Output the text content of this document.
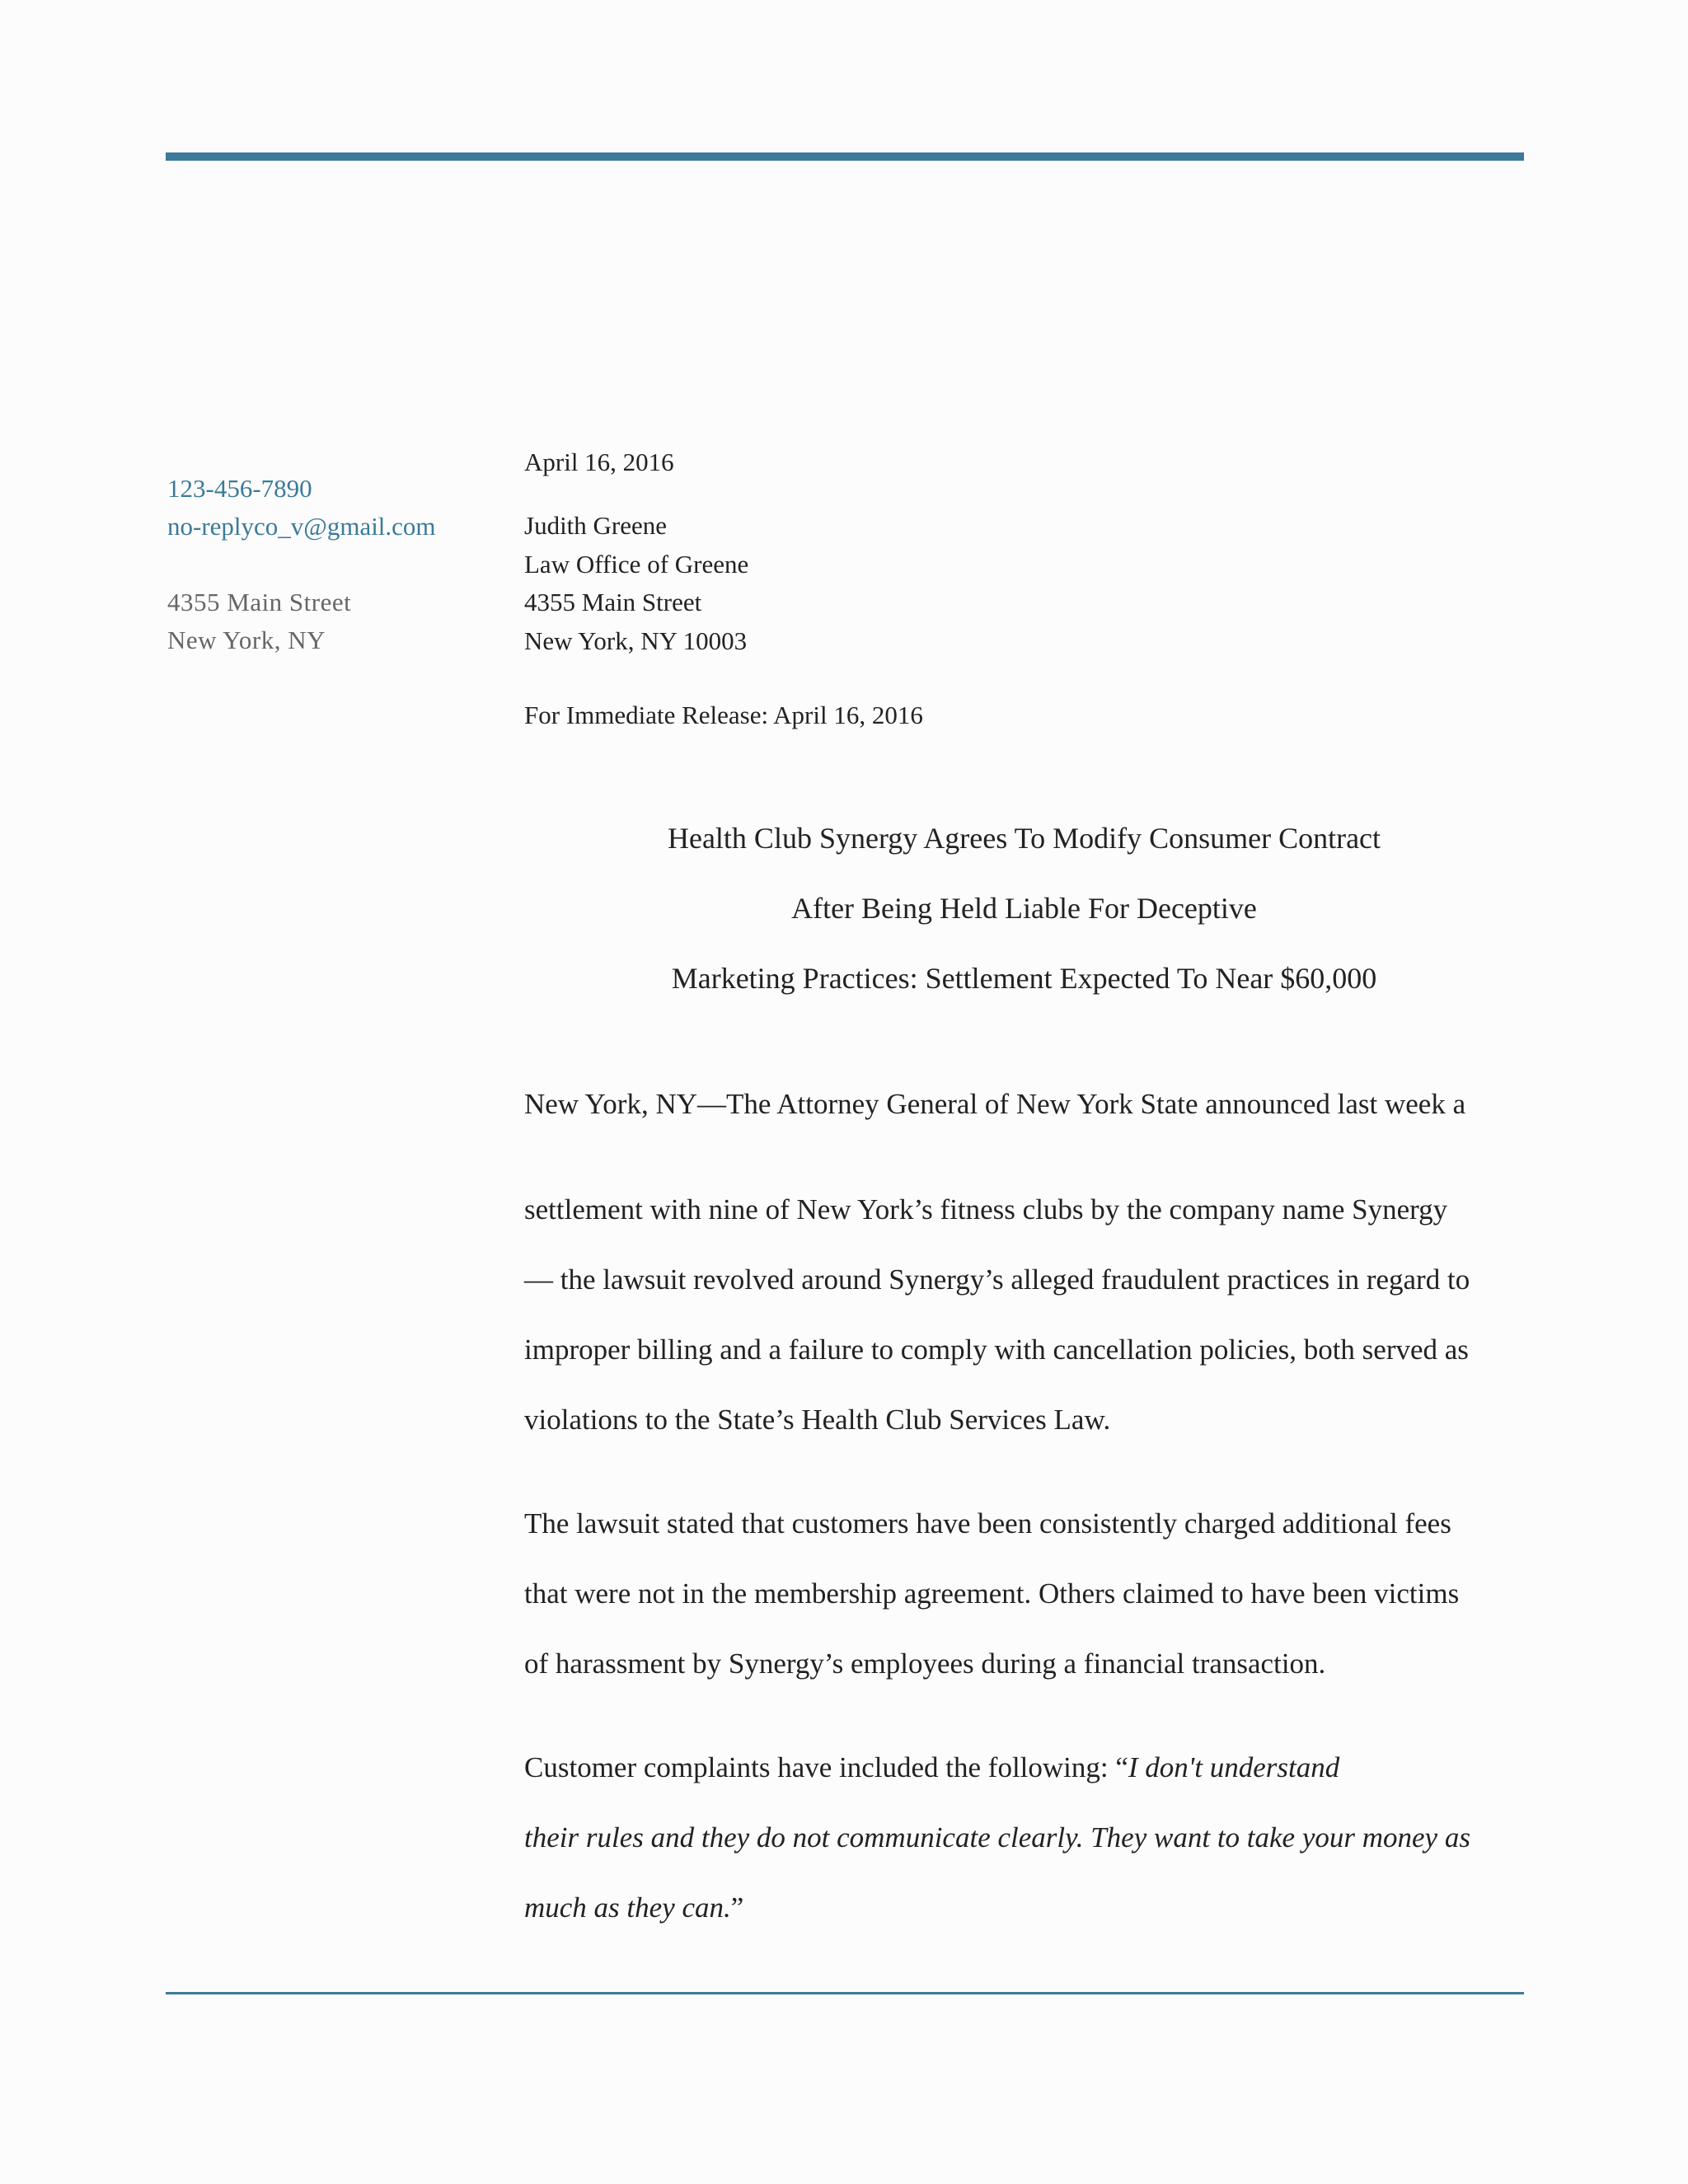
123-456-7890
no-replyco_v@gmail.com
4355 Main Street
New York, NY
April 16, 2016
Judith Greene
Law Office of Greene
4355 Main Street
New York, NY 10003
For Immediate Release: April 16, 2016
Health Club Synergy Agrees To Modify Consumer Contract
After Being Held Liable For Deceptive
Marketing Practices: Settlement Expected To Near $60,000
New York, NY—The Attorney General of New York State announced last week a
settlement with nine of New York’s fitness clubs by the company name Synergy
— the lawsuit revolved around Synergy’s alleged fraudulent practices in regard to
improper billing and a failure to comply with cancellation policies, both served as
violations to the State’s Health Club Services Law.
The lawsuit stated that customers have been consistently charged additional fees
that were not in the membership agreement. Others claimed to have been victims
of harassment by Synergy’s employees during a financial transaction.
Customer complaints have included the following: “I don't understand
their rules and they do not communicate clearly. They want to take your money as
much as they can.”
